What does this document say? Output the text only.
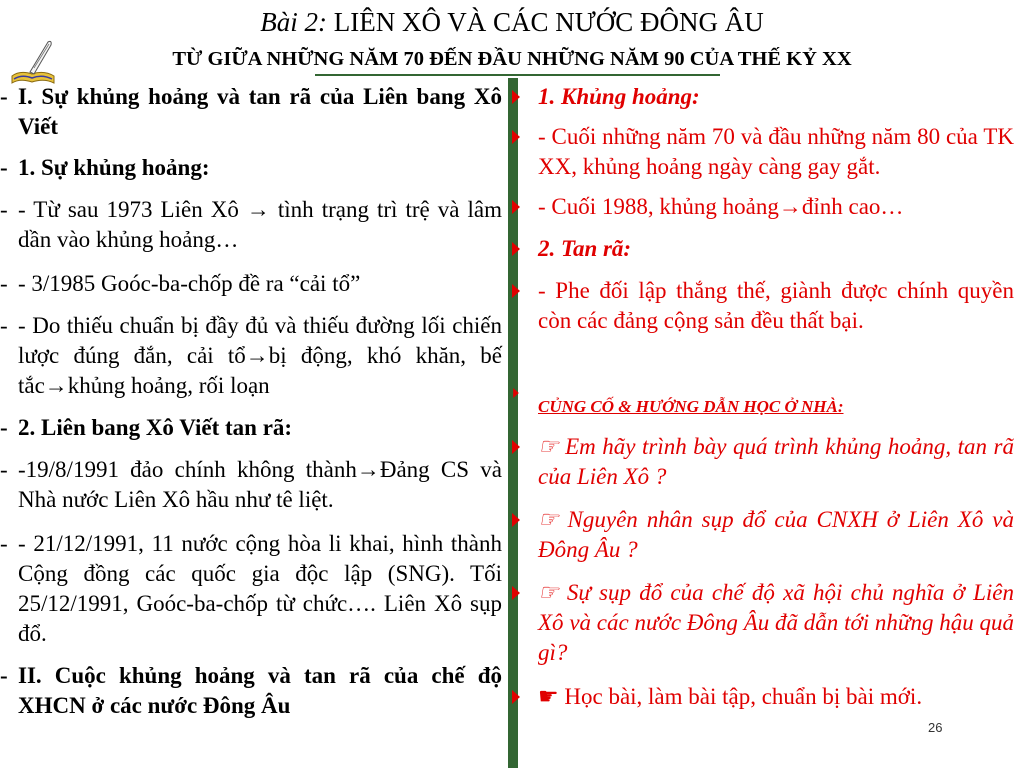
Bài 2: LIÊN XÔ VÀ CÁC NƯỚC ĐÔNG ÂU
TỪ GIỮA NHỮNG NĂM 70 ĐẾN ĐẦU NHỮNG NĂM 90 CỦA THẾ KỶ XX
- I. Sự khủng hoảng và tan rã của Liên bang Xô Viết
- 1. Sự khủng hoảng:
- - Từ sau 1973 Liên Xô → tình trạng trì trệ và lâm dần vào khủng hoảng…
- - 3/1985 Goóc-ba-chốp đề ra “cải tổ”
- - Do thiếu chuẩn bị đầy đủ và thiếu đường lối chiến lược đúng đắn, cải tổ→bị động, khó khăn, bế tắc→khủng hoảng, rối loạn
- 2. Liên bang Xô Viết tan rã:
- -19/8/1991 đảo chính không thành→Đảng CS và Nhà nước Liên Xô hầu như tê liệt.
- - 21/12/1991, 11 nước cộng hòa li khai, hình thành Cộng đồng các quốc gia độc lập (SNG). Tối 25/12/1991, Goóc-ba-chốp từ chức…. Liên Xô sụp đổ.
- II. Cuộc khủng hoảng và tan rã của chế độ XHCN ở các nước Đông Âu
1. Khủng hoảng:
- Cuối những năm 70 và đầu những năm 80 của TK XX, khủng hoảng ngày càng gay gắt.
- Cuối 1988, khủng hoảng→đỉnh cao…
2. Tan rã:
- Phe đối lập thắng thế, giành được chính quyền còn các đảng cộng sản đều thất bại.
CỦNG CỐ & HƯỚNG DẪN HỌC Ở NHÀ:
☞ Em hãy trình bày quá trình khủng hoảng, tan rã của Liên Xô ?
☞ Nguyên nhân sụp đổ của CNXH ở Liên Xô và Đông Âu ?
☞ Sự sụp đổ của chế độ xã hội chủ nghĩa ở Liên Xô và các nước Đông Âu đã dẫn tới những hậu quả gì?
☛ Học bài, làm bài tập, chuẩn bị bài mới.
26
